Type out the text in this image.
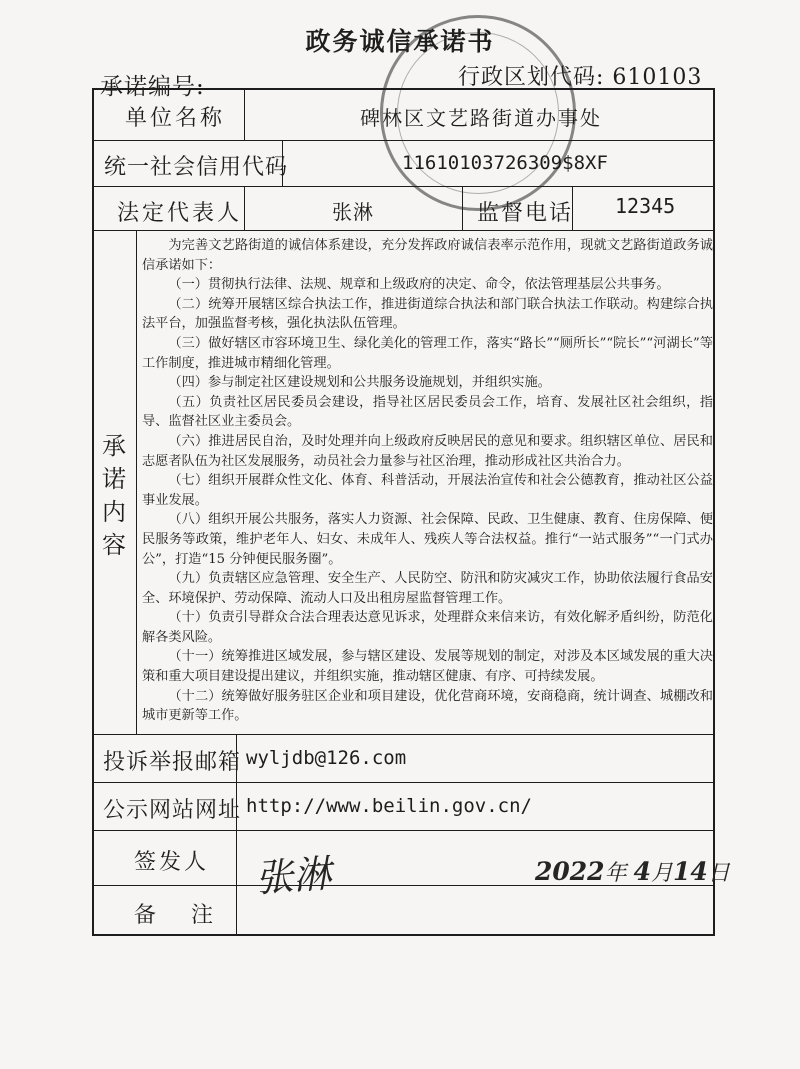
政务诚信承诺书
承诺编号:	行政区划代码: 610103
单位名称	碑林区文艺路街道办事处
统一社会信用代码	11610103726309$8XF
法定代表人	张淋	监督电话 12345
承
诺
内
容

为完善文艺路街道的诚信体系建设，充分发挥政府诚信表率示范作用，现就文艺路街道政务诚信承诺如下：

（一）贯彻执行法律、法规、规章和上级政府的决定、命令，依法管理基层公共事务。

（二）统筹开展辖区综合执法工作，推进街道综合执法和部门联合执法工作联动。构建综合执法平台，加强监督考核，强化执法队伍管理。

（三）做好辖区市容环境卫生、绿化美化的管理工作，落实“路长”“厕所长”“院长”“河湖长”等工作制度，推进城市精细化管理。

（四）参与制定社区建设规划和公共服务设施规划，并组织实施。

（五）负责社区居民委员会建设，指导社区居民委员会工作，培育、发展社区社会组织，指导、监督社区业主委员会。

（六）推进居民自治，及时处理并向上级政府反映居民的意见和要求。组织辖区单位、居民和志愿者队伍为社区发展服务，动员社会力量参与社区治理，推动形成社区共治合力。

（七）组织开展群众性文化、体育、科普活动，开展法治宣传和社会公德教育，推动社区公益事业发展。

（八）组织开展公共服务，落实人力资源、社会保障、民政、卫生健康、教育、住房保障、便民服务等政策，维护老年人、妇女、未成年人、残疾人等合法权益。推行“一站式服务”“一门式办公”，打造“15 分钟便民服务圈”。

（九）负责辖区应急管理、安全生产、人民防空、防汛和防灾减灾工作，协助依法履行食品安全、环境保护、劳动保障、流动人口及出租房屋监督管理工作。

（十）负责引导群众合法合理表达意见诉求，处理群众来信来访，有效化解矛盾纠纷，防范化解各类风险。

（十一）统筹推进区域发展，参与辖区建设、发展等规划的制定，对涉及本区域发展的重大决策和重大项目建设提出建议，并组织实施，推动辖区健康、有序、可持续发展。

（十二）统筹做好服务驻区企业和项目建设，优化营商环境，安商稳商，统计调查、城棚改和城市更新等工作。

投诉举报邮箱 wyljdb@126.com
公示网站网址 http://www.beilin.gov.cn/
签发人 张淋	2022年 4月14日
备 注
